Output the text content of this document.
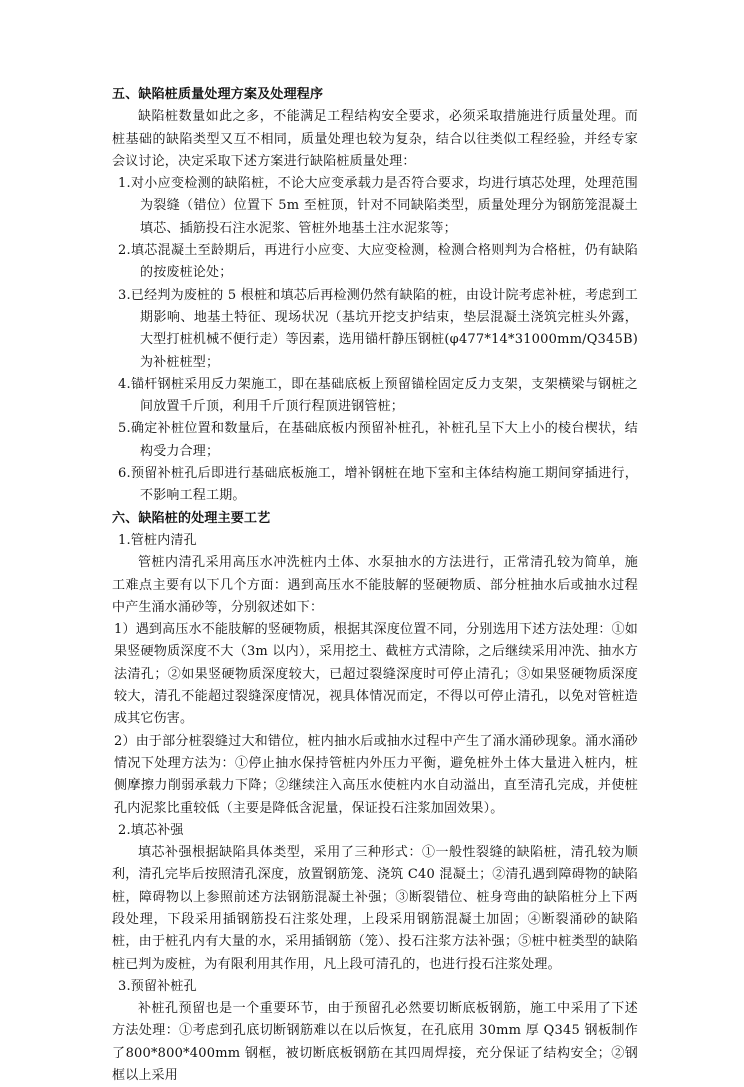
五、缺陷桩质量处理方案及处理程序

缺陷桩数量如此之多，不能满足工程结构安全要求，必须采取措施进行质量处理。而桩基础的缺陷类型又互不相同，质量处理也较为复杂，结合以往类似工程经验，并经专家会议讨论，决定采取下述方案进行缺陷桩质量处理：

1.对小应变检测的缺陷桩，不论大应变承载力是否符合要求，均进行填芯处理，处理范围为裂缝（错位）位置下 5m 至桩顶，针对不同缺陷类型，质量处理分为钢筋笼混凝土填芯、插筋投石注水泥浆、管桩外地基土注水泥浆等；

2.填芯混凝土至龄期后，再进行小应变、大应变检测，检测合格则判为合格桩，仍有缺陷的按废桩论处；

3.已经判为废桩的 5 根桩和填芯后再检测仍然有缺陷的桩，由设计院考虑补桩，考虑到工期影响、地基土特征、现场状况（基坑开挖支护结束，垫层混凝土浇筑完桩头外露，大型打桩机械不便行走）等因素，选用锚杆静压钢桩(φ477*14*31000mm/Q345B)为补桩桩型；

4.锚杆钢桩采用反力架施工，即在基础底板上预留锚栓固定反力支架，支架横梁与钢桩之间放置千斤顶，利用千斤顶行程顶进钢管桩；

5.确定补桩位置和数量后，在基础底板内预留补桩孔，补桩孔呈下大上小的棱台楔状，结构受力合理；

6.预留补桩孔后即进行基础底板施工，增补钢桩在地下室和主体结构施工期间穿插进行，不影响工程工期。

六、缺陷桩的处理主要工艺

1.管桩内清孔

管桩内清孔采用高压水冲洗桩内土体、水泵抽水的方法进行，正常清孔较为简单，施工难点主要有以下几个方面：遇到高压水不能肢解的竖硬物质、部分桩抽水后或抽水过程中产生涌水涌砂等，分别叙述如下：

1）遇到高压水不能肢解的竖硬物质，根据其深度位置不同，分别选用下述方法处理：①如果竖硬物质深度不大（3m 以内），采用挖土、截桩方式清除，之后继续采用冲洗、抽水方法清孔；②如果竖硬物质深度较大，已超过裂缝深度时可停止清孔；③如果竖硬物质深度较大，清孔不能超过裂缝深度情况，视具体情况而定，不得以可停止清孔，以免对管桩造成其它伤害。

2）由于部分桩裂缝过大和错位，桩内抽水后或抽水过程中产生了涌水涌砂现象。涌水涌砂情况下处理方法为：①停止抽水保持管桩内外压力平衡，避免桩外土体大量进入桩内，桩侧摩擦力削弱承载力下降；②继续注入高压水使桩内水自动溢出，直至清孔完成，并使桩孔内泥浆比重较低（主要是降低含泥量，保证投石注浆加固效果）。

2.填芯补强

填芯补强根据缺陷具体类型，采用了三种形式：①一般性裂缝的缺陷桩，清孔较为顺利，清孔完毕后按照清孔深度，放置钢筋笼、浇筑 C40 混凝土；②清孔遇到障碍物的缺陷桩，障碍物以上参照前述方法钢筋混凝土补强；③断裂错位、桩身弯曲的缺陷桩分上下两段处理，下段采用插钢筋投石注浆处理，上段采用钢筋混凝土加固；④断裂涌砂的缺陷桩，由于桩孔内有大量的水，采用插钢筋（笼）、投石注浆方法补强；⑤桩中桩类型的缺陷桩已判为废桩，为有限利用其作用，凡上段可清孔的，也进行投石注浆处理。

3.预留补桩孔

补桩孔预留也是一个重要环节，由于预留孔必然要切断底板钢筋，施工中采用了下述方法处理：①考虑到孔底切断钢筋难以在以后恢复，在孔底用 30mm 厚 Q345 钢板制作了800*800*400mm 钢框，被切断底板钢筋在其四周焊接，充分保证了结构安全；②钢框以上采用
